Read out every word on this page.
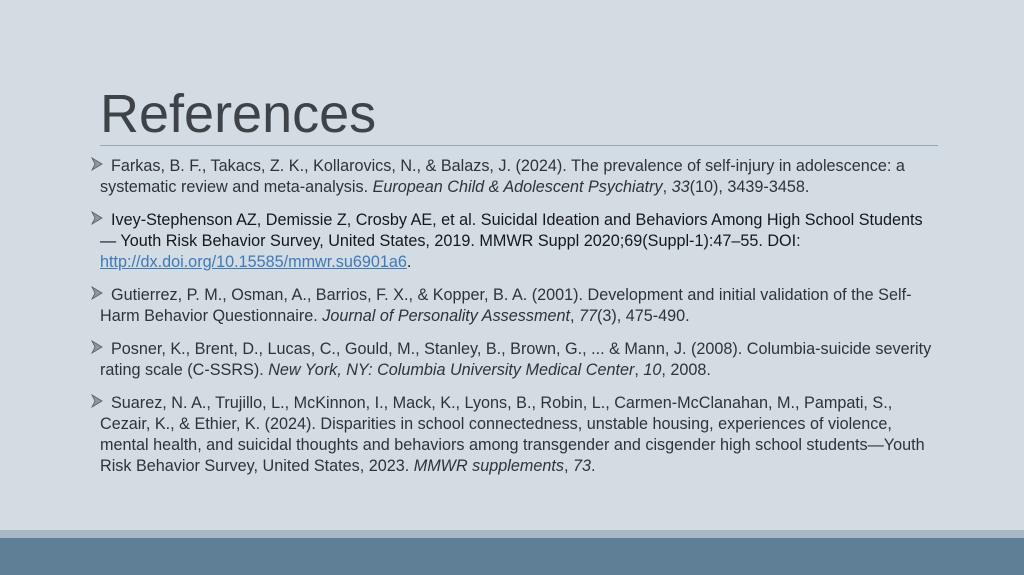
References
Farkas, B. F., Takacs, Z. K., Kollarovics, N., & Balazs, J. (2024). The prevalence of self-injury in adolescence: a systematic review and meta-analysis. European Child & Adolescent Psychiatry, 33(10), 3439-3458.
Ivey-Stephenson AZ, Demissie Z, Crosby AE, et al. Suicidal Ideation and Behaviors Among High School Students — Youth Risk Behavior Survey, United States, 2019. MMWR Suppl 2020;69(Suppl-1):47–55. DOI: http://dx.doi.org/10.15585/mmwr.su6901a6.
Gutierrez, P. M., Osman, A., Barrios, F. X., & Kopper, B. A. (2001). Development and initial validation of the Self-Harm Behavior Questionnaire. Journal of Personality Assessment, 77(3), 475-490.
Posner, K., Brent, D., Lucas, C., Gould, M., Stanley, B., Brown, G., ... & Mann, J. (2008). Columbia-suicide severity rating scale (C-SSRS). New York, NY: Columbia University Medical Center, 10, 2008.
Suarez, N. A., Trujillo, L., McKinnon, I., Mack, K., Lyons, B., Robin, L., Carmen-McClanahan, M., Pampati, S., Cezair, K., & Ethier, K. (2024). Disparities in school connectedness, unstable housing, experiences of violence, mental health, and suicidal thoughts and behaviors among transgender and cisgender high school students—Youth Risk Behavior Survey, United States, 2023. MMWR supplements, 73.
